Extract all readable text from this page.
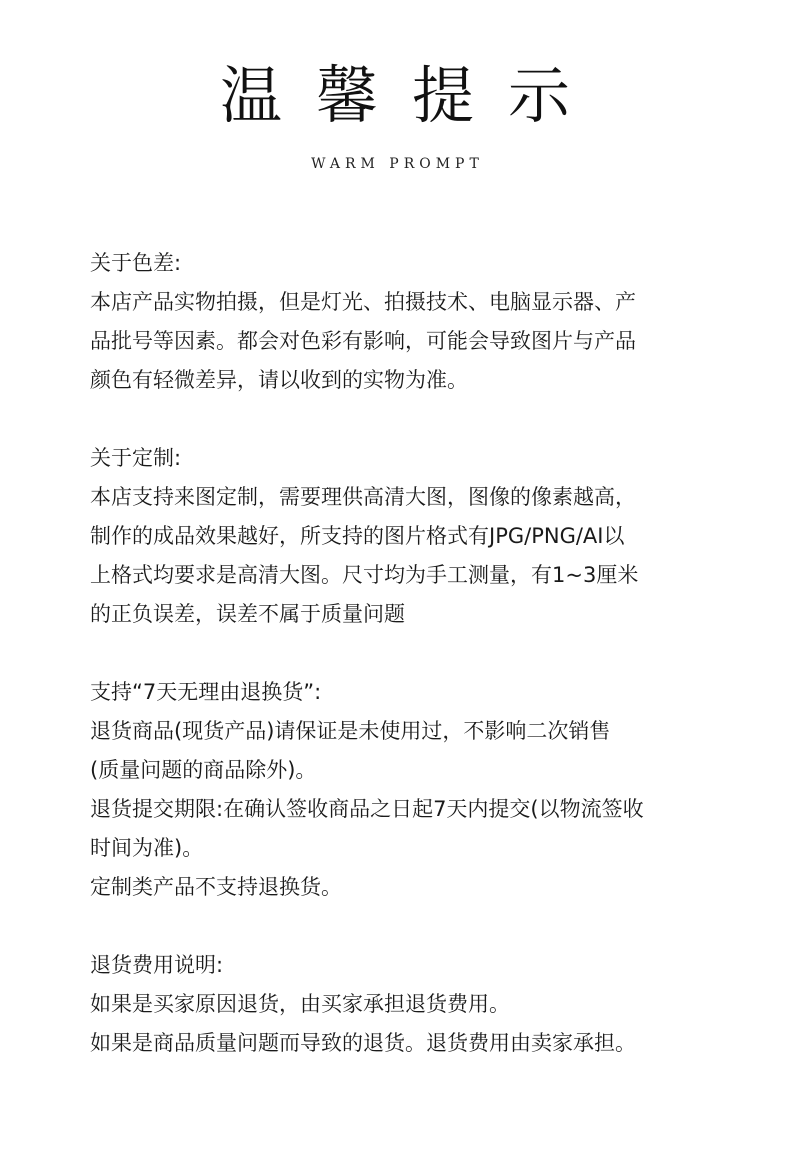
温馨提示
WARM PROMPT

关于色差:

本店产品实物拍摄，但是灯光、拍摄技术、电脑显示器、产

品批号等因素。都会对色彩有影响，可能会导致图片与产品

颜色有轻微差异，请以收到的实物为准。

关于定制:

本店支持来图定制，需要理供高清大图，图像的像素越高，

制作的成品效果越好，所支持的图片格式有JPG/PNG/AI以

上格式均要求是高清大图。尺寸均为手工测量，有1~3厘米

的正负误差，误差不属于质量问题

支持“7天无理由退换货”:

退货商品(现货产品)请保证是未使用过，不影响二次销售

(质量问题的商品除外)。

退货提交期限:在确认签收商品之日起7天内提交(以物流签收

时间为准)。

定制类产品不支持退换货。

退货费用说明:

如果是买家原因退货，由买家承担退货费用。

如果是商品质量问题而导致的退货。退货费用由卖家承担。
